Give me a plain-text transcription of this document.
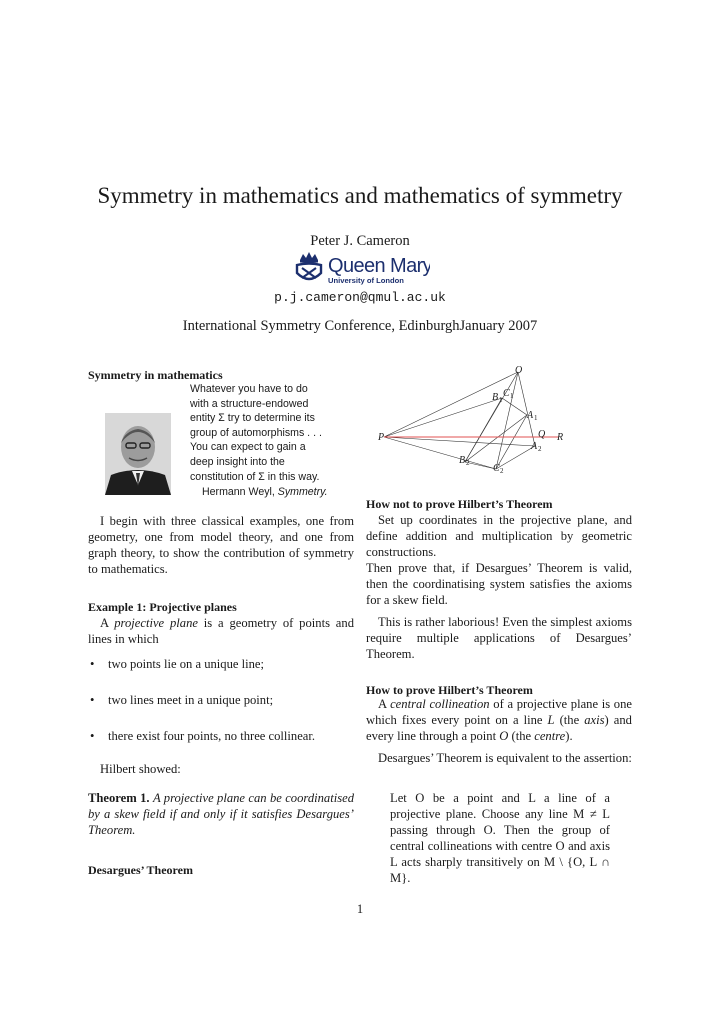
Symmetry in mathematics and mathematics of symmetry
Peter J. Cameron
Queen Mary
University of London
p.j.cameron@qmul.ac.uk
International Symmetry Conference, EdinburghJanuary 2007
Symmetry in mathematics
Whatever you have to do
with a structure-endowed
entity Σ try to determine its
group of automorphisms . . .
You can expect to gain a
deep insight into the
constitution of Σ in this way.
Hermann Weyl, Symmetry.
I begin with three classical examples, one from geometry, one from model theory, and one from graph theory, to show the contribution of symmetry to mathematics.
Example 1: Projective planes
A projective plane is a geometry of points and lines in which
• two points lie on a unique line;
• two lines meet in a unique point;
• there exist four points, no three collinear.
Hilbert showed:
Theorem 1. A projective plane can be coordinatised by a skew field if and only if it satisfies Desargues’ Theorem.
Desargues’ Theorem
O
B 1
C 1
A 1
P	Q R
A 2
B 2 C 2
How not to prove Hilbert’s Theorem
Set up coordinates in the projective plane, and define addition and multiplication by geometric constructions.
Then prove that, if Desargues’ Theorem is valid, then the coordinatising system satisfies the axioms for a skew field.
This is rather laborious! Even the simplest axioms require multiple applications of Desargues’ Theorem.
How to prove Hilbert’s Theorem
A central collineation of a projective plane is one which fixes every point on a line L (the axis) and every line through a point O (the centre).
Desargues’ Theorem is equivalent to the assertion:
Let O be a point and L a line of a projective plane. Choose any line M ≠ L passing through O. Then the group of central collineations with centre O and axis L acts sharply transitively on M \ {O, L ∩ M}.
1
